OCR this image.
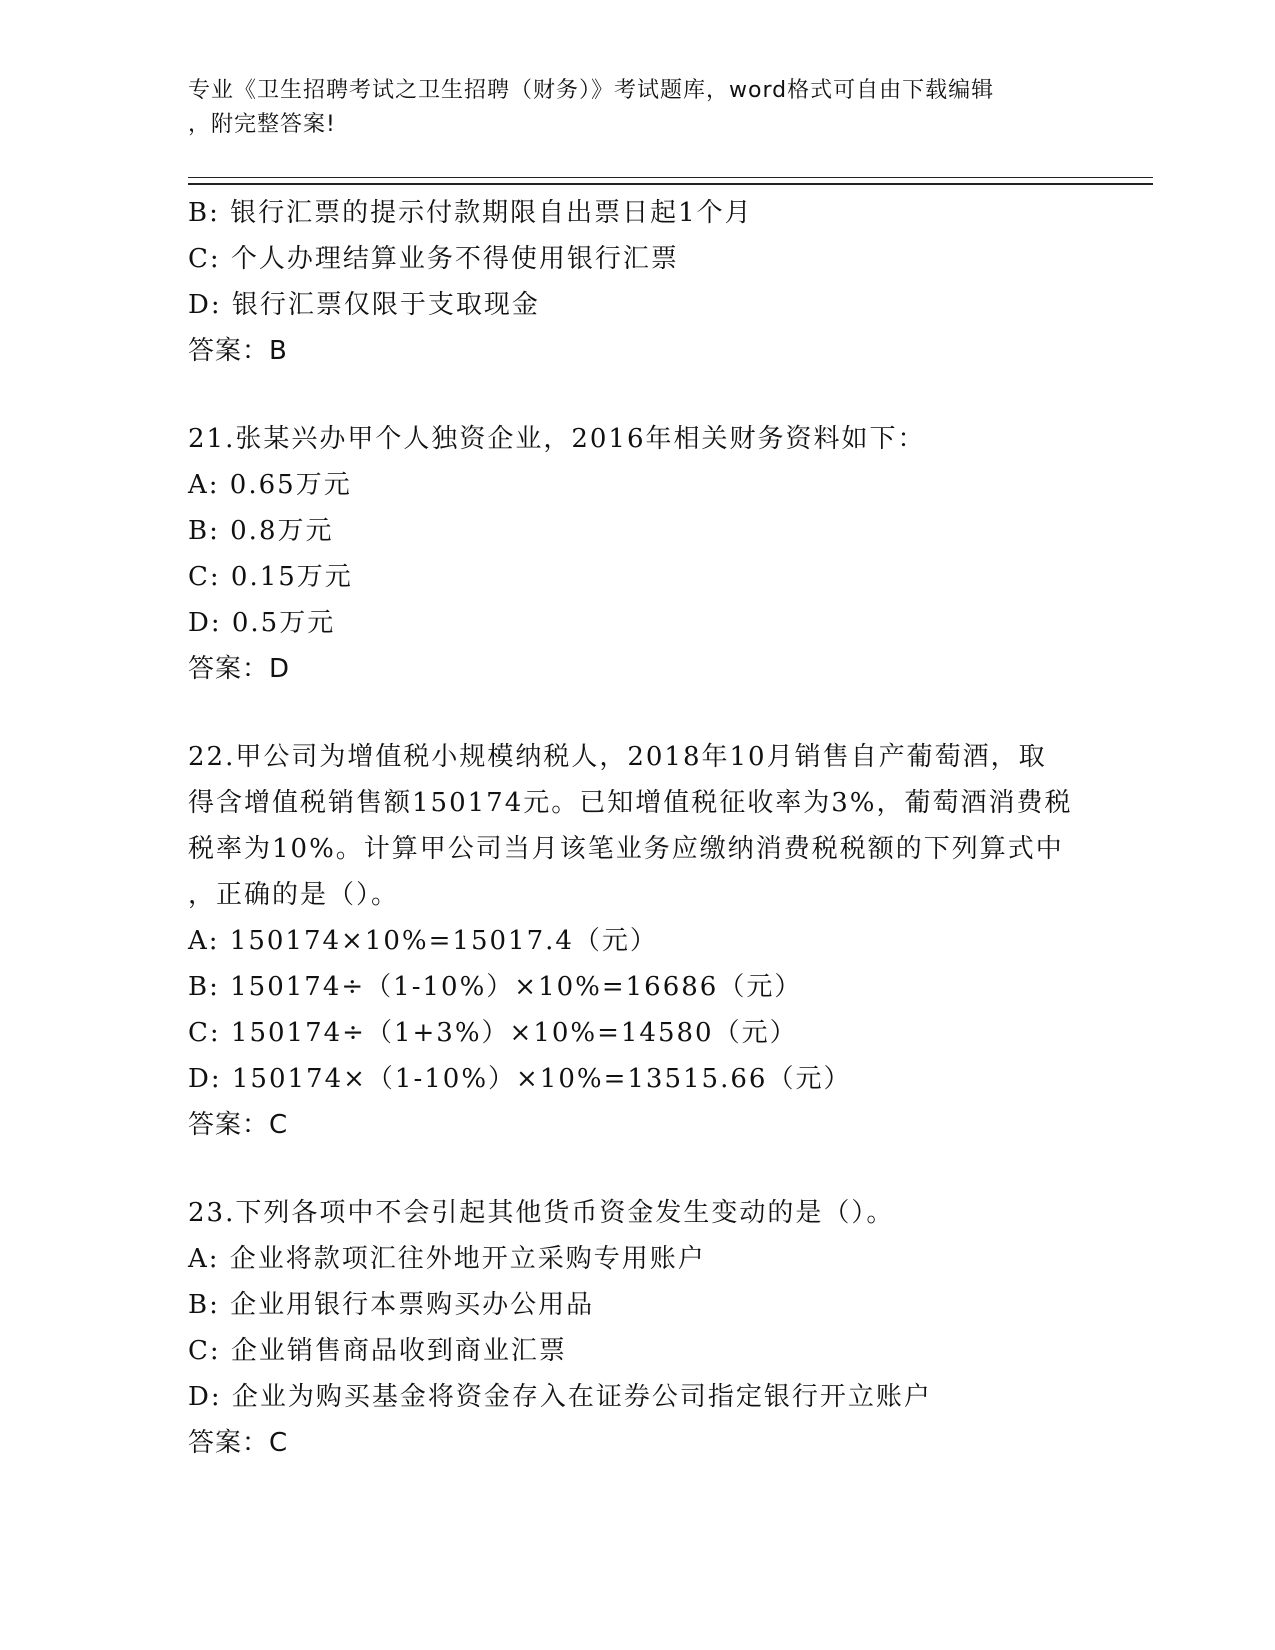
专业《卫生招聘考试之卫生招聘（财务）》考试题库，word格式可自由下载编辑
，附完整答案!
B: 银行汇票的提示付款期限自出票日起1个月
C: 个人办理结算业务不得使用银行汇票
D: 银行汇票仅限于支取现金
答案：B
21.张某兴办甲个人独资企业，2016年相关财务资料如下：
A: 0.65万元
B: 0.8万元
C: 0.15万元
D: 0.5万元
答案：D
22.甲公司为增值税小规模纳税人，2018年10月销售自产葡萄酒，取
得含增值税销售额150174元。已知增值税征收率为3%，葡萄酒消费税
税率为10%。计算甲公司当月该笔业务应缴纳消费税税额的下列算式中
，正确的是（）。
A: 150174×10%=15017.4（元）
B: 150174÷（1-10%）×10%=16686（元）
C: 150174÷（1+3%）×10%=14580（元）
D: 150174×（1-10%）×10%=13515.66（元）
答案：C
23.下列各项中不会引起其他货币资金发生变动的是（）。
A: 企业将款项汇往外地开立采购专用账户
B: 企业用银行本票购买办公用品
C: 企业销售商品收到商业汇票
D: 企业为购买基金将资金存入在证券公司指定银行开立账户
答案：C
